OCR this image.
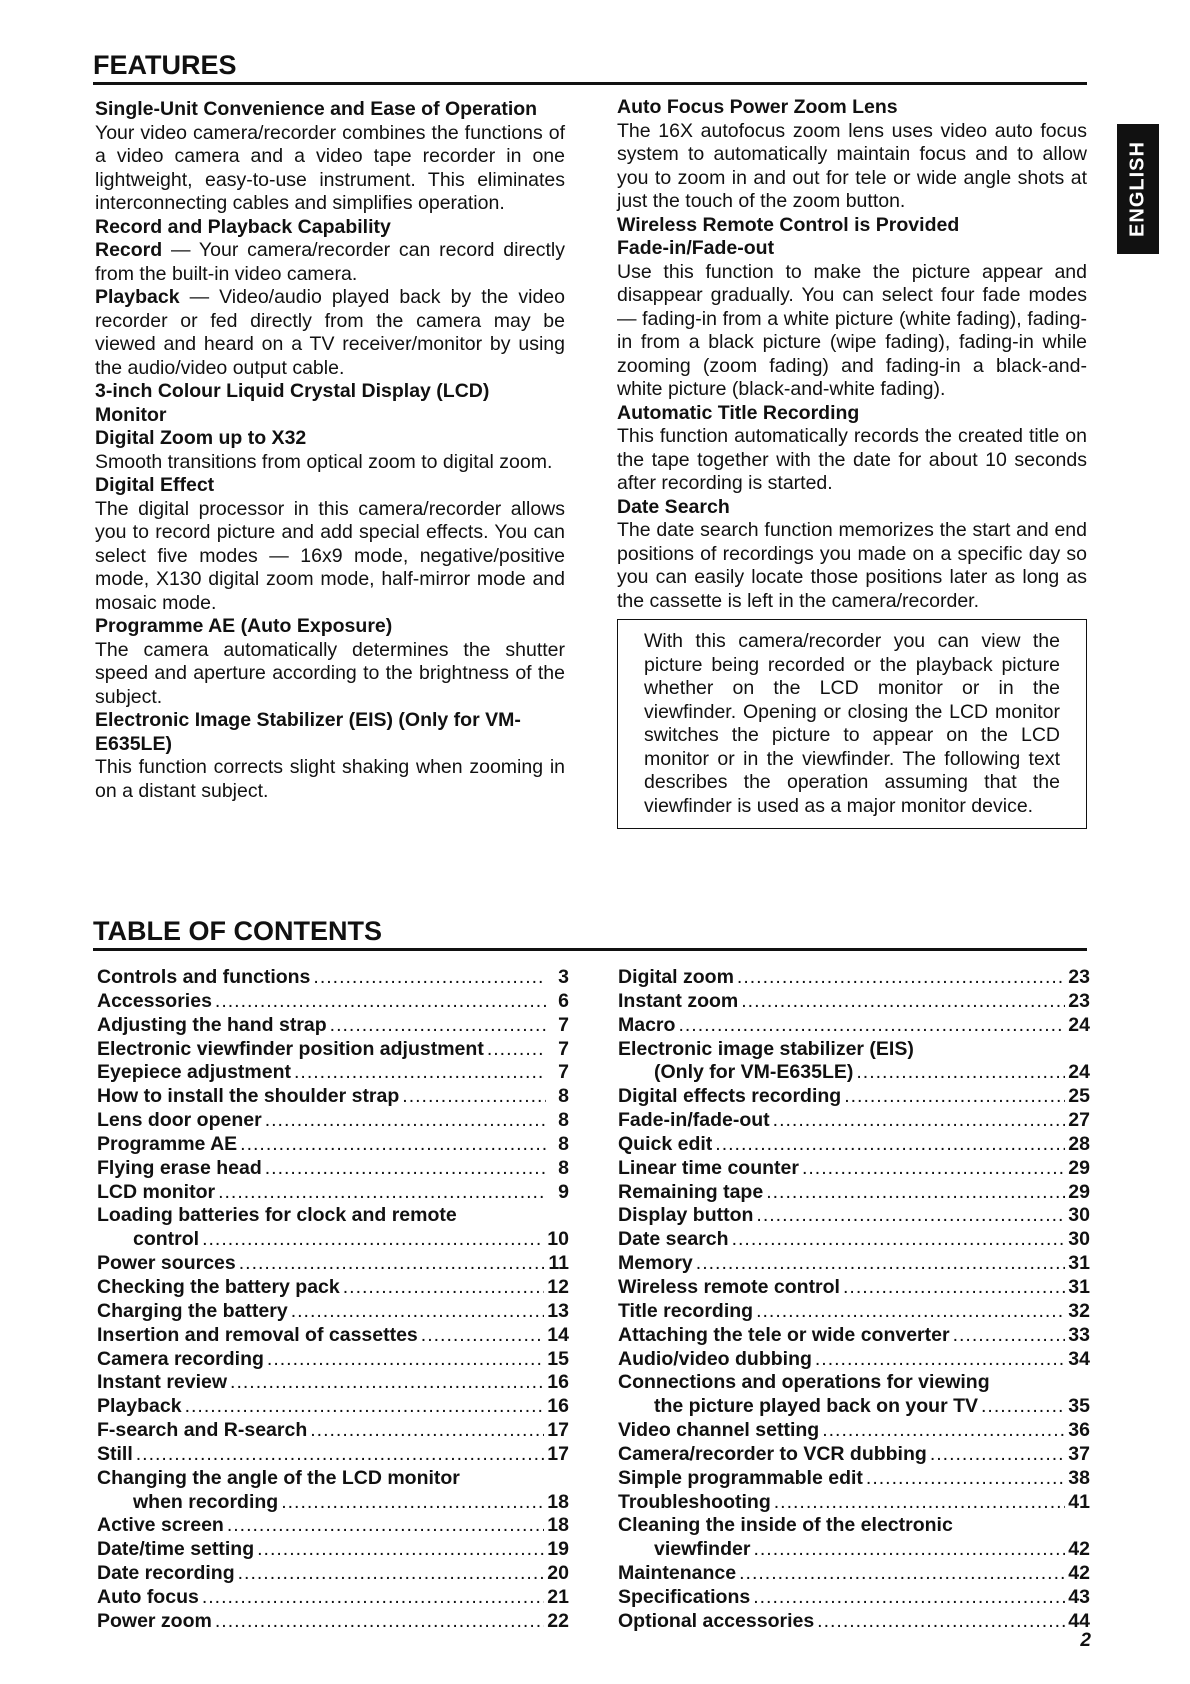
FEATURES
ENGLISH
Single-Unit Convenience and Ease of Operation
Your video camera/recorder combines the functions of a video camera and a video tape recorder in one lightweight, easy-to-use instrument. This eliminates interconnecting cables and simplifies operation.
Record and Playback Capability
Record — Your camera/recorder can record directly from the built-in video camera.
Playback — Video/audio played back by the video recorder or fed directly from the camera may be viewed and heard on a TV receiver/monitor by using the audio/video output cable.
3-inch Colour Liquid Crystal Display (LCD) Monitor
Digital Zoom up to X32
Smooth transitions from optical zoom to digital zoom.
Digital Effect
The digital processor in this camera/recorder allows you to record picture and add special effects. You can select five modes — 16x9 mode, negative/positive mode, X130 digital zoom mode, half-mirror mode and mosaic mode.
Programme AE (Auto Exposure)
The camera automatically determines the shutter speed and aperture according to the brightness of the subject.
Electronic Image Stabilizer (EIS) (Only for VM-E635LE)
This function corrects slight shaking when zooming in on a distant subject.
Auto Focus Power Zoom Lens
The 16X autofocus zoom lens uses video auto focus system to automatically maintain focus and to allow you to zoom in and out for tele or wide angle shots at just the touch of the zoom button.
Wireless Remote Control is Provided
Fade-in/Fade-out
Use this function to make the picture appear and disappear gradually. You can select four fade modes — fading-in from a white picture (white fading), fading-in from a black picture (wipe fading), fading-in while zooming (zoom fading) and fading-in a black-and-white picture (black-and-white fading).
Automatic Title Recording
This function automatically records the created title on the tape together with the date for about 10 seconds after recording is started.
Date Search
The date search function memorizes the start and end positions of recordings you made on a specific day so you can easily locate those positions later as long as the cassette is left in the camera/recorder.
With this camera/recorder you can view the picture being recorded or the playback picture whether on the LCD monitor or in the viewfinder. Opening or closing the LCD monitor switches the picture to appear on the LCD monitor or in the viewfinder. The following text describes the operation assuming that the viewfinder is used as a major monitor device.
TABLE OF CONTENTS
Controls and functions .....	3
Accessories .....	6
Adjusting the hand strap .....	7
Electronic viewfinder position adjustment .....	7
Eyepiece adjustment .....	7
How to install the shoulder strap .....	8
Lens door opener .....	8
Programme AE .....	8
Flying erase head .....	8
LCD monitor .....	9
Loading batteries for clock and remote
control .....	10
Power sources .....	11
Checking the battery pack .....	12
Charging the battery .....	13
Insertion and removal of cassettes .....	14
Camera recording .....	15
Instant review .....	16
Playback .....	16
F-search and R-search .....	17
Still .....	17
Changing the angle of the LCD monitor
when recording .....	18
Active screen .....	18
Date/time setting .....	19
Date recording .....	20
Auto focus .....	21
Power zoom .....	22
Digital zoom .....	23
Instant zoom .....	23
Macro .....	24
Electronic image stabilizer (EIS)
(Only for VM-E635LE) .....	24
Digital effects recording .....	25
Fade-in/fade-out .....	27
Quick edit .....	28
Linear time counter .....	29
Remaining tape .....	29
Display button .....	30
Date search .....	30
Memory .....	31
Wireless remote control .....	31
Title recording .....	32
Attaching the tele or wide converter .....	33
Audio/video dubbing .....	34
Connections and operations for viewing
the picture played back on your TV .....	35
Video channel setting .....	36
Camera/recorder to VCR dubbing .....	37
Simple programmable edit .....	38
Troubleshooting .....	41
Cleaning the inside of the electronic
viewfinder .....	42
Maintenance .....	42
Specifications .....	43
Optional accessories .....	44
2
